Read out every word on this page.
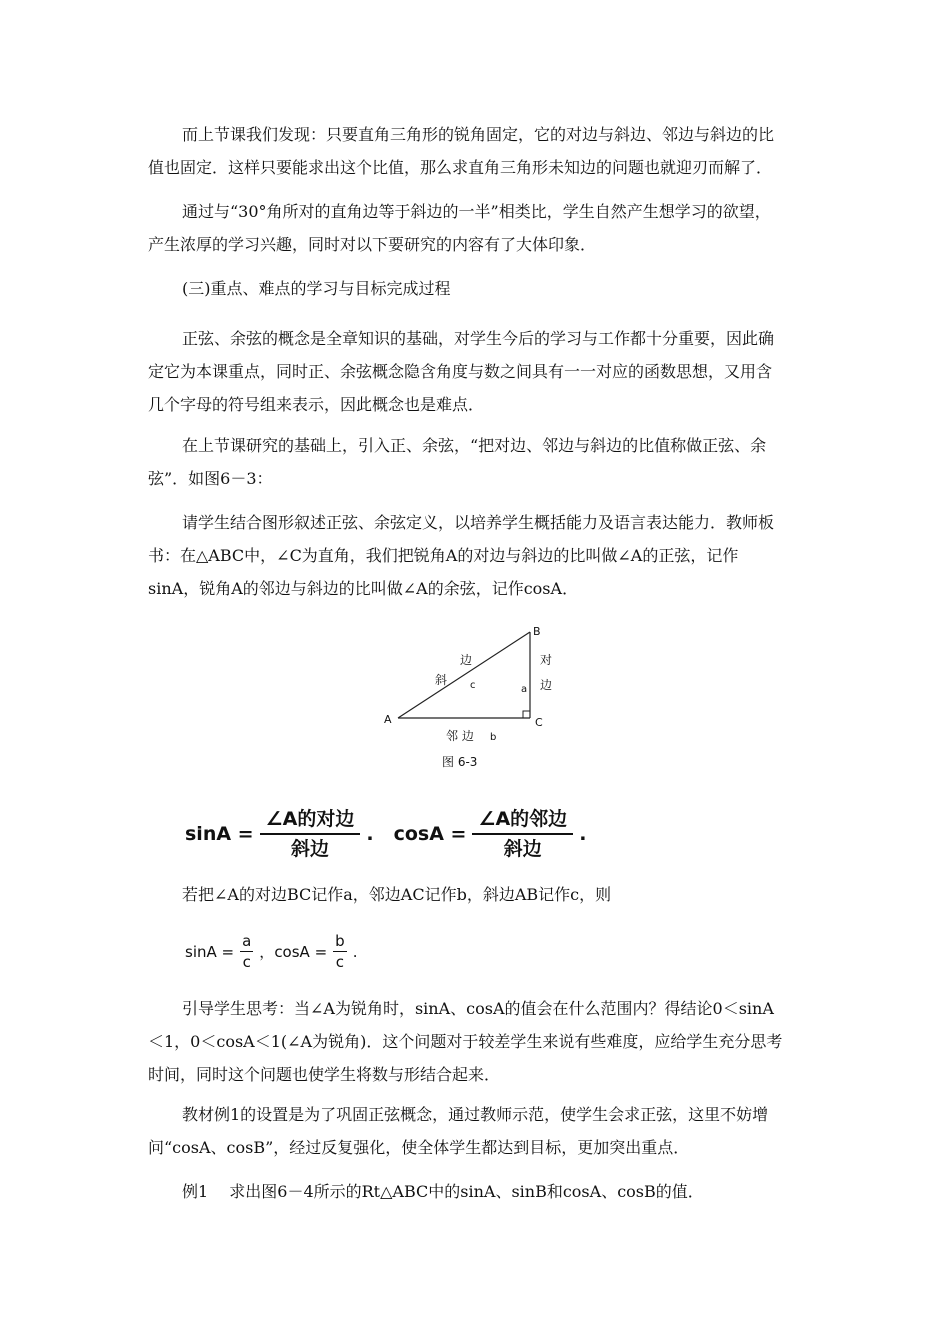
而上节课我们发现：只要直角三角形的锐角固定，它的对边与斜边、邻边与斜边的比
值也固定．这样只要能求出这个比值，那么求直角三角形未知边的问题也就迎刃而解了．
通过与“30°角所对的直角边等于斜边的一半”相类比，学生自然产生想学习的欲望，
产生浓厚的学习兴趣，同时对以下要研究的内容有了大体印象．
(三)重点、难点的学习与目标完成过程
正弦、余弦的概念是全章知识的基础，对学生今后的学习与工作都十分重要，因此确
定它为本课重点，同时正、余弦概念隐含角度与数之间具有一一对应的函数思想，又用含
几个字母的符号组来表示，因此概念也是难点．
在上节课研究的基础上，引入正、余弦，“把对边、邻边与斜边的比值称做正弦、余
弦”．如图6－3：
请学生结合图形叙述正弦、余弦定义，以培养学生概括能力及语言表达能力．教师板
书：在△ABC中，∠C为直角，我们把锐角A的对边与斜边的比叫做∠A的正弦，记作
sinA，锐角A的邻边与斜边的比叫做∠A的余弦，记作cosA．
A
B
C
a
c
b
斜
边	对
边
邻 边
图 6-3
$\sin A = \frac{\text{∠A的对边}}{\text{斜边}}$ . $\cos A = \frac{\text{∠A的邻边}}{\text{斜边}}$ .
若把∠A的对边BC记作a，邻边AC记作b，斜边AB记作c，则
$\sin A = \frac{a}{c}$ ， $\cos A = \frac{b}{c}$ .
引导学生思考：当∠A为锐角时，sinA、cosA的值会在什么范围内？得结论0＜sinA
＜1，0＜cosA＜1(∠A为锐角)．这个问题对于较差学生来说有些难度，应给学生充分思考
时间，同时这个问题也使学生将数与形结合起来．
教材例1的设置是为了巩固正弦概念，通过教师示范，使学生会求正弦，这里不妨增
问“cosA、cosB”，经过反复强化，使全体学生都达到目标，更加突出重点．
例1　 求出图6－4所示的Rt△ABC中的sinA、sinB和cosA、cosB的值．
